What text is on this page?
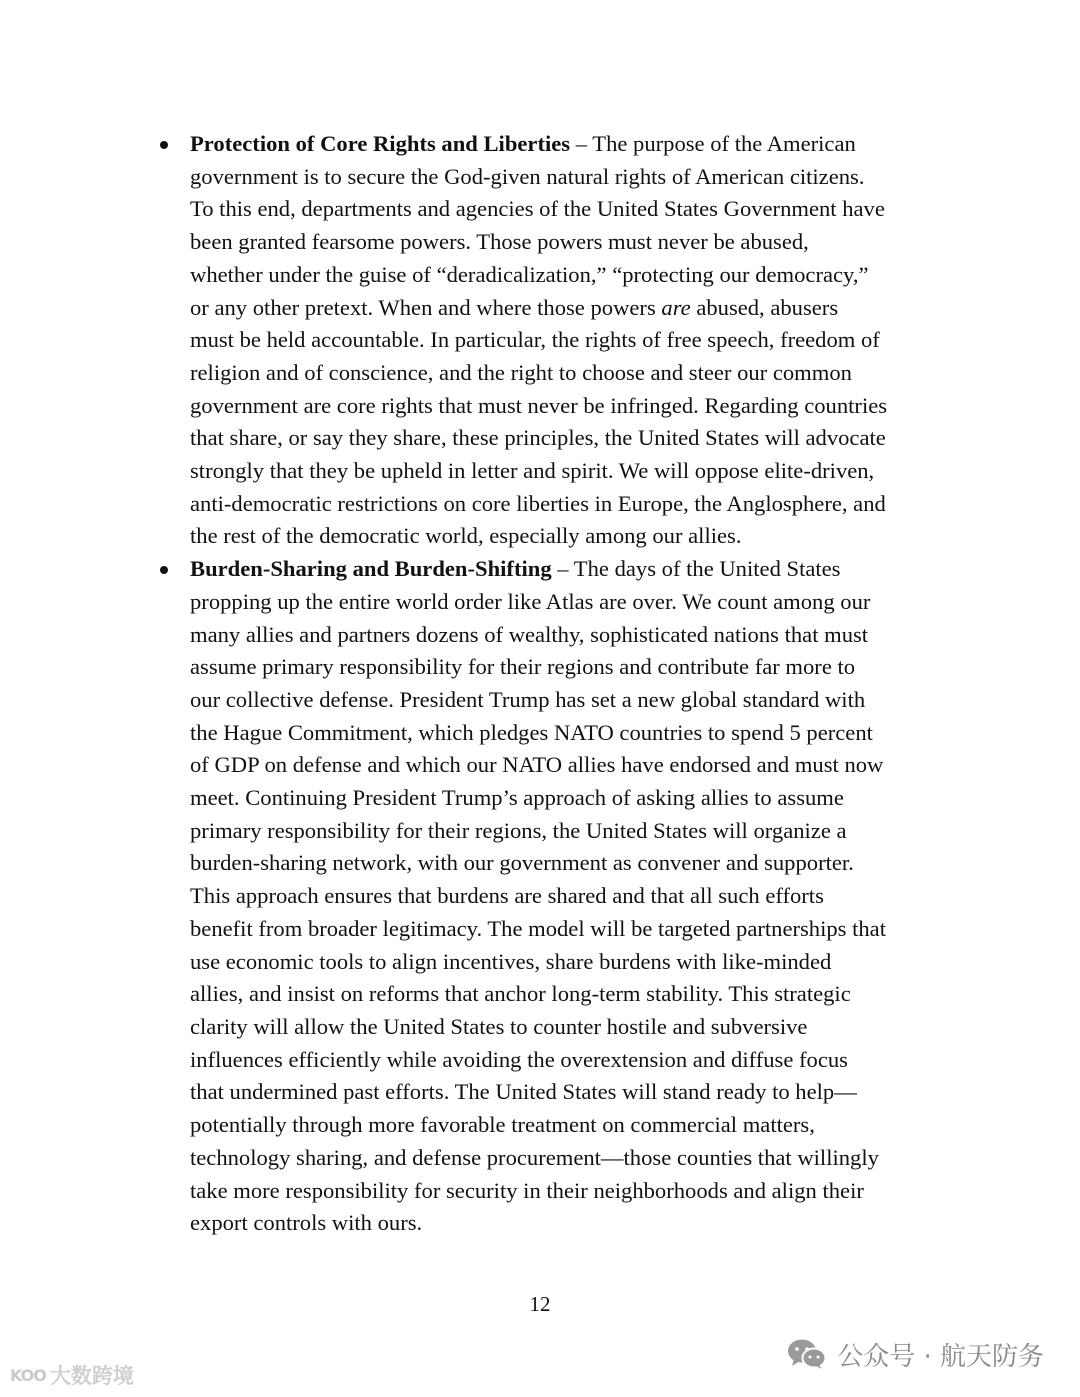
Protection of Core Rights and Liberties – The purpose of the American
government is to secure the God-given natural rights of American citizens.
To this end, departments and agencies of the United States Government have
been granted fearsome powers. Those powers must never be abused,
whether under the guise of “deradicalization,” “protecting our democracy,”
or any other pretext. When and where those powers are abused, abusers
must be held accountable. In particular, the rights of free speech, freedom of
religion and of conscience, and the right to choose and steer our common
government are core rights that must never be infringed. Regarding countries
that share, or say they share, these principles, the United States will advocate
strongly that they be upheld in letter and spirit. We will oppose elite-driven,
anti-democratic restrictions on core liberties in Europe, the Anglosphere, and
the rest of the democratic world, especially among our allies.
Burden-Sharing and Burden-Shifting – The days of the United States
propping up the entire world order like Atlas are over. We count among our
many allies and partners dozens of wealthy, sophisticated nations that must
assume primary responsibility for their regions and contribute far more to
our collective defense. President Trump has set a new global standard with
the Hague Commitment, which pledges NATO countries to spend 5 percent
of GDP on defense and which our NATO allies have endorsed and must now
meet. Continuing President Trump’s approach of asking allies to assume
primary responsibility for their regions, the United States will organize a
burden-sharing network, with our government as convener and supporter.
This approach ensures that burdens are shared and that all such efforts
benefit from broader legitimacy. The model will be targeted partnerships that
use economic tools to align incentives, share burdens with like-minded
allies, and insist on reforms that anchor long-term stability. This strategic
clarity will allow the United States to counter hostile and subversive
influences efficiently while avoiding the overextension and diffuse focus
that undermined past efforts. The United States will stand ready to help—
potentially through more favorable treatment on commercial matters,
technology sharing, and defense procurement—those counties that willingly
take more responsibility for security in their neighborhoods and align their
export controls with ours.
12
KOO 大数跨境
公众号 · 航天防务
